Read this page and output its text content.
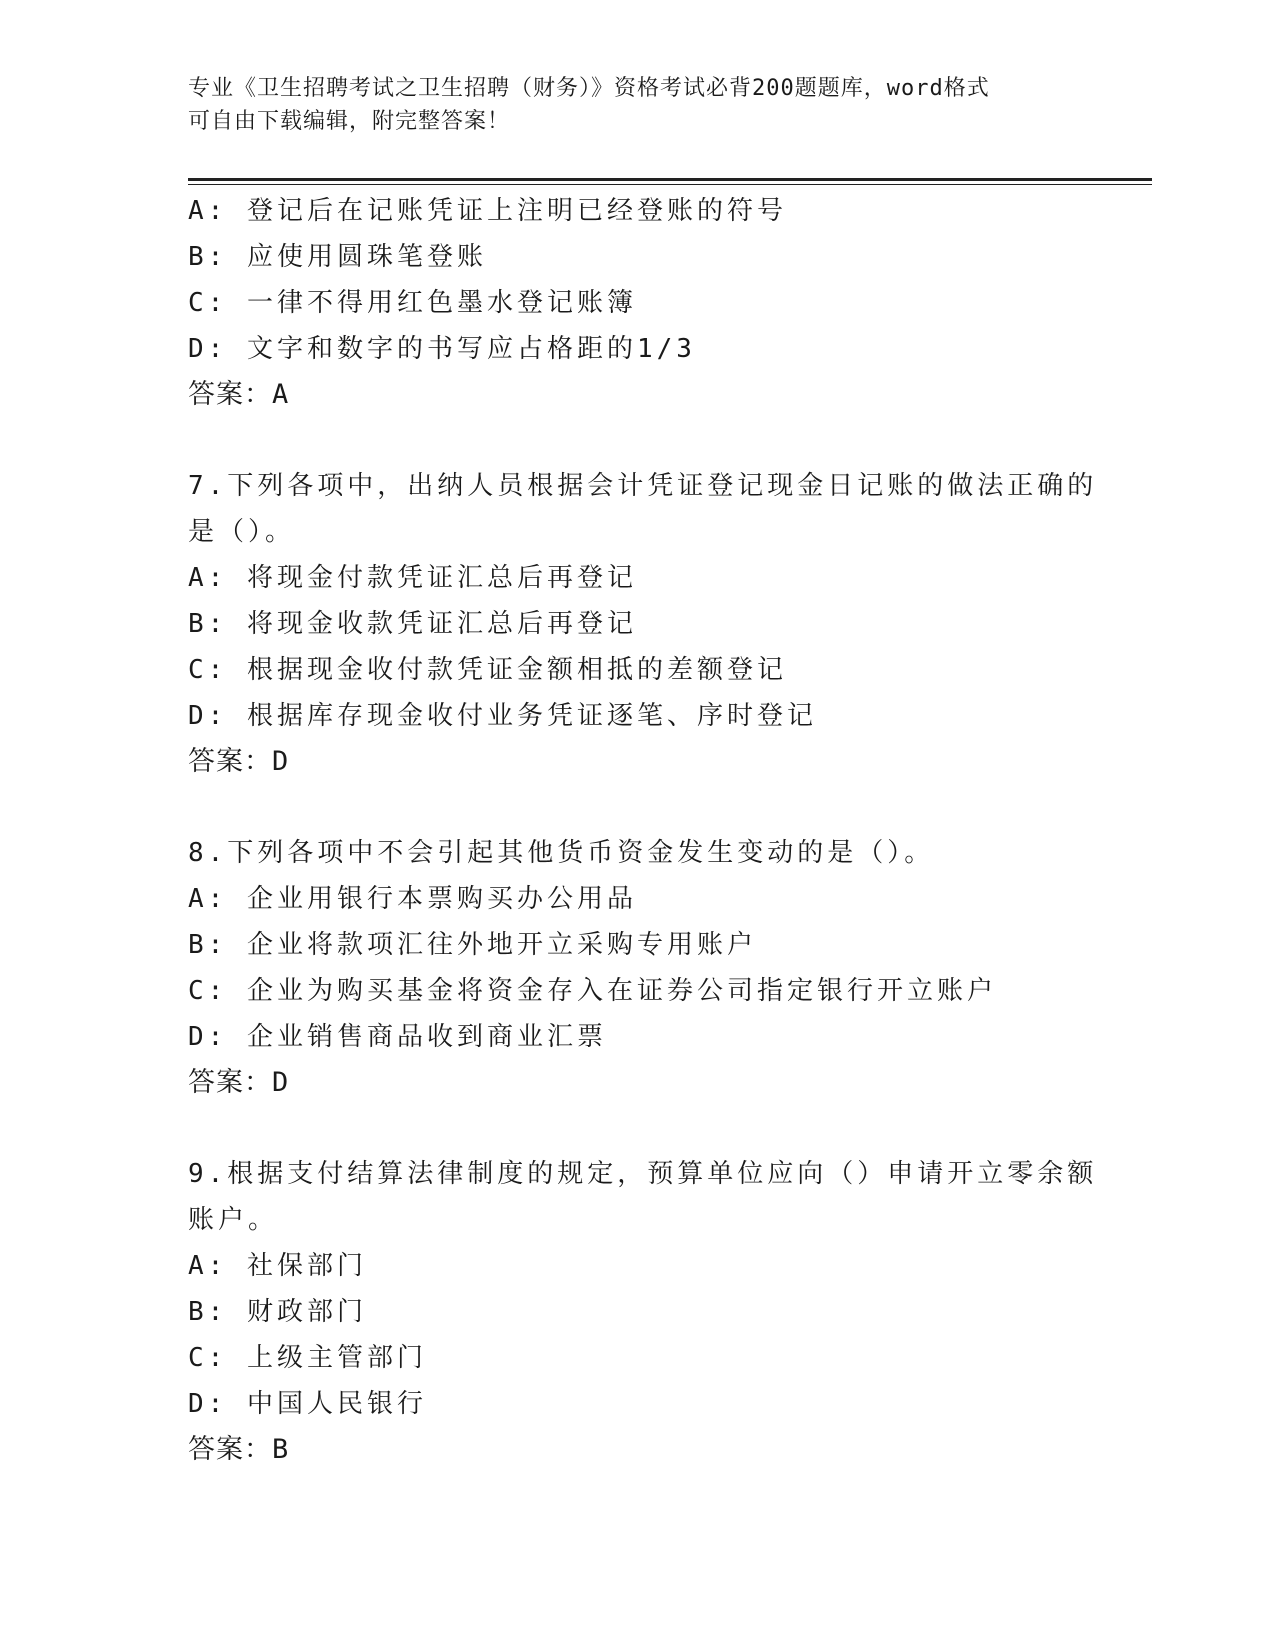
专业《卫生招聘考试之卫生招聘（财务）》资格考试必背200题题库，word格式
可自由下载编辑，附完整答案！
A: 登记后在记账凭证上注明已经登账的符号
B: 应使用圆珠笔登账
C: 一律不得用红色墨水登记账簿
D: 文字和数字的书写应占格距的1/3
答案：A
7.下列各项中，出纳人员根据会计凭证登记现金日记账的做法正确的
是（）。
A: 将现金付款凭证汇总后再登记
B: 将现金收款凭证汇总后再登记
C: 根据现金收付款凭证金额相抵的差额登记
D: 根据库存现金收付业务凭证逐笔、序时登记
答案：D
8.下列各项中不会引起其他货币资金发生变动的是（）。
A: 企业用银行本票购买办公用品
B: 企业将款项汇往外地开立采购专用账户
C: 企业为购买基金将资金存入在证券公司指定银行开立账户
D: 企业销售商品收到商业汇票
答案：D
9.根据支付结算法律制度的规定，预算单位应向（）申请开立零余额
账户。
A: 社保部门
B: 财政部门
C: 上级主管部门
D: 中国人民银行
答案：B
